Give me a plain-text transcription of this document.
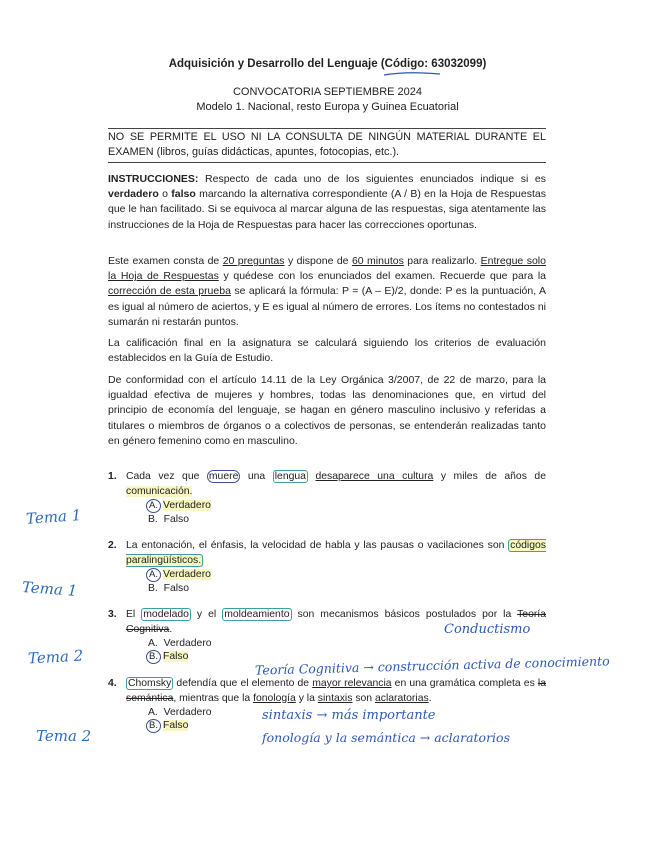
Adquisición y Desarrollo del Lenguaje (Código: 63032099)
CONVOCATORIA SEPTIEMBRE 2024
Modelo 1. Nacional, resto Europa y Guinea Ecuatorial
NO SE PERMITE EL USO NI LA CONSULTA DE NINGÚN MATERIAL DURANTE EL EXAMEN (libros, guías didácticas, apuntes, fotocopias, etc.).
INSTRUCCIONES: Respecto de cada uno de los siguientes enunciados indique si es verdadero o falso marcando la alternativa correspondiente (A / B) en la Hoja de Respuestas que le han facilitado. Si se equivoca al marcar alguna de las respuestas, siga atentamente las instrucciones de la Hoja de Respuestas para hacer las correcciones oportunas.
Este examen consta de 20 preguntas y dispone de 60 minutos para realizarlo. Entregue solo la Hoja de Respuestas y quédese con los enunciados del examen. Recuerde que para la corrección de esta prueba se aplicará la fórmula: P = (A – E)/2, donde: P es la puntuación, A es igual al número de aciertos, y E es igual al número de errores. Los ítems no contestados ni sumarán ni restarán puntos.
La calificación final en la asignatura se calculará siguiendo los criterios de evaluación establecidos en la Guía de Estudio.
De conformidad con el artículo 14.11 de la Ley Orgánica 3/2007, de 22 de marzo, para la igualdad efectiva de mujeres y hombres, todas las denominaciones que, en virtud del principio de economía del lenguaje, se hagan en género masculino inclusivo y referidas a titulares o miembros de órganos o a colectivos de personas, se entenderán realizadas tanto en género femenino como en masculino.
1. Cada vez que muere una lengua desaparece una cultura y miles de años de comunicación.
A. Verdadero
B. Falso
2. La entonación, el énfasis, la velocidad de habla y las pausas o vacilaciones son códigos paralingüísticos.
A. Verdadero
B. Falso
3. El modelado y el moldeamiento son mecanismos básicos postulados por la Teoría Cognitiva.
A. Verdadero
B. Falso
4. Chomsky defendía que el elemento de mayor relevancia en una gramática completa es la semántica, mientras que la fonología y la sintaxis son aclaratorias.
A. Verdadero
B. Falso
Tema 1
Tema 1
Tema 2
Tema 2
Conductismo
Teoría Cognitiva → construcción activa de conocimiento
sintaxis → más importante
fonología y la semántica → aclaratorios
